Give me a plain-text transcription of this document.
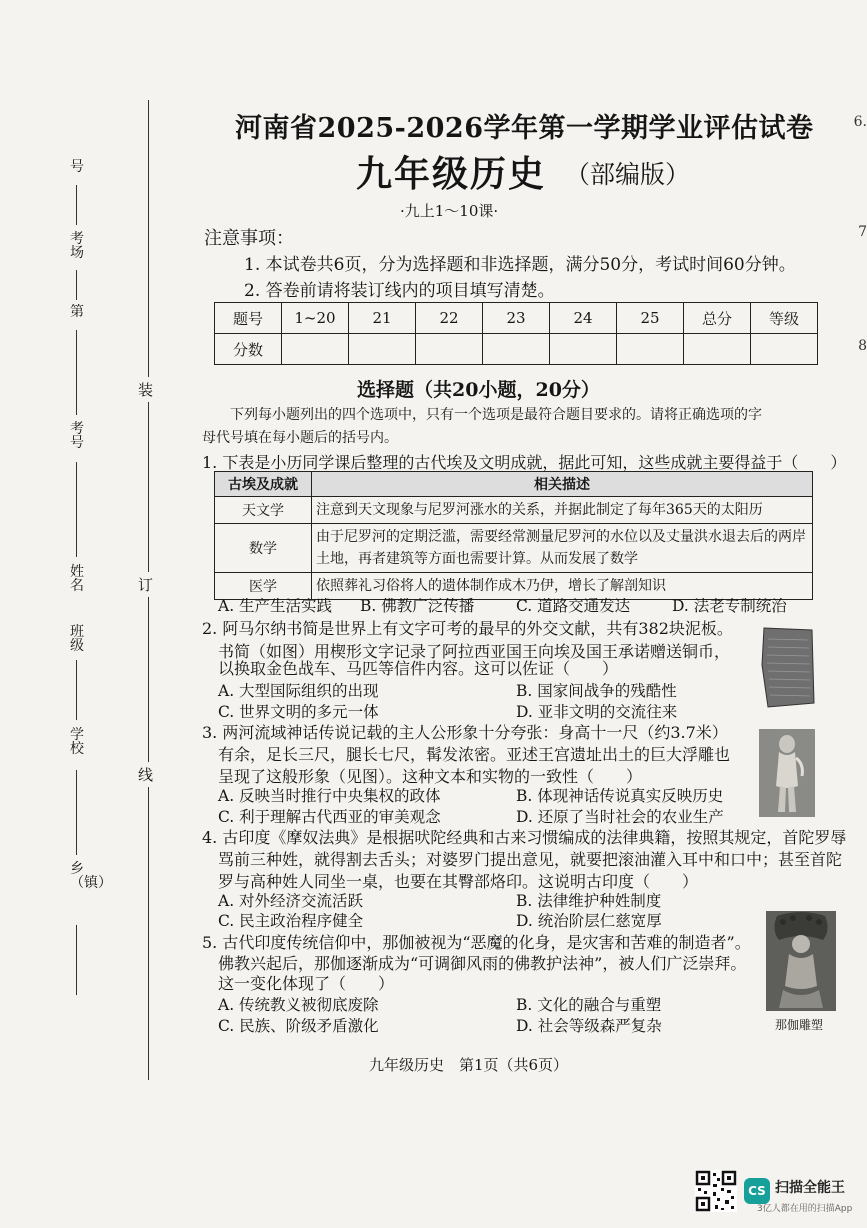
号
考场
第
考号
姓名
班级
学校
乡（镇）
装
订
线
6.
7
8
河南省2025-2026学年第一学期学业评估试卷
九年级历史 （部编版）
·九上1～10课·
注意事项：
1. 本试卷共6页，分为选择题和非选择题，满分50分，考试时间60分钟。
2. 答卷前请将装订线内的项目填写清楚。
题号	1~20	21	22	23	24	25	总分	等级
分数								
选择题（共20小题，20分）
下列每小题列出的四个选项中，只有一个选项是最符合题目要求的。请将正确选项的字
母代号填在每小题后的括号内。
1. 下表是小历同学课后整理的古代埃及文明成就，据此可知，这些成就主要得益于（　　）
古埃及成就	相关描述
天文学	注意到天文现象与尼罗河涨水的关系，并据此制定了每年365天的太阳历
数学	由于尼罗河的定期泛滥，需要经常测量尼罗河的水位以及丈量洪水退去后的两岸土地，再者建筑等方面也需要计算。从而发展了数学
医学	依照葬礼习俗将人的遗体制作成木乃伊，增长了解剖知识
A. 生产生活实践 B. 佛教广泛传播	C. 道路交通发达	D. 法老专制统治
2. 阿马尔纳书简是世界上有文字可考的最早的外交文献，共有382块泥板。
书简（如图）用楔形文字记录了阿拉西亚国王向埃及国王承诺赠送铜币，
以换取金色战车、马匹等信件内容。这可以佐证（　　）
A. 大型国际组织的出现	B. 国家间战争的残酷性
C. 世界文明的多元一体	D. 亚非文明的交流往来
3. 两河流域神话传说记载的主人公形象十分夸张：身高十一尺（约3.7米）
有余，足长三尺，腿长七尺，髯发浓密。亚述王宫遗址出土的巨大浮雕也
呈现了这般形象（见图）。这种文本和实物的一致性（　　）
A. 反映当时推行中央集权的政体	B. 体现神话传说真实反映历史
C. 利于理解古代西亚的审美观念	D. 还原了当时社会的农业生产
4. 古印度《摩奴法典》是根据吠陀经典和古来习惯编成的法律典籍，按照其规定，首陀罗辱
骂前三种姓，就得割去舌头；对婆罗门提出意见，就要把滚油灌入耳中和口中；甚至首陀
罗与高种姓人同坐一桌，也要在其臀部烙印。这说明古印度（　　）
A. 对外经济交流活跃	B. 法律维护种姓制度
C. 民主政治程序健全	D. 统治阶层仁慈宽厚
5. 古代印度传统信仰中，那伽被视为“恶魔的化身，是灾害和苦难的制造者”。
佛教兴起后，那伽逐渐成为“可调御风雨的佛教护法神”，被人们广泛崇拜。
这一变化体现了（　　）
A. 传统教义被彻底废除	B. 文化的融合与重塑
C. 民族、阶级矛盾激化	D. 社会等级森严复杂	那伽雕塑
九年级历史　第1页（共6页）
CS 扫描全能王
3亿人都在用的扫描App
